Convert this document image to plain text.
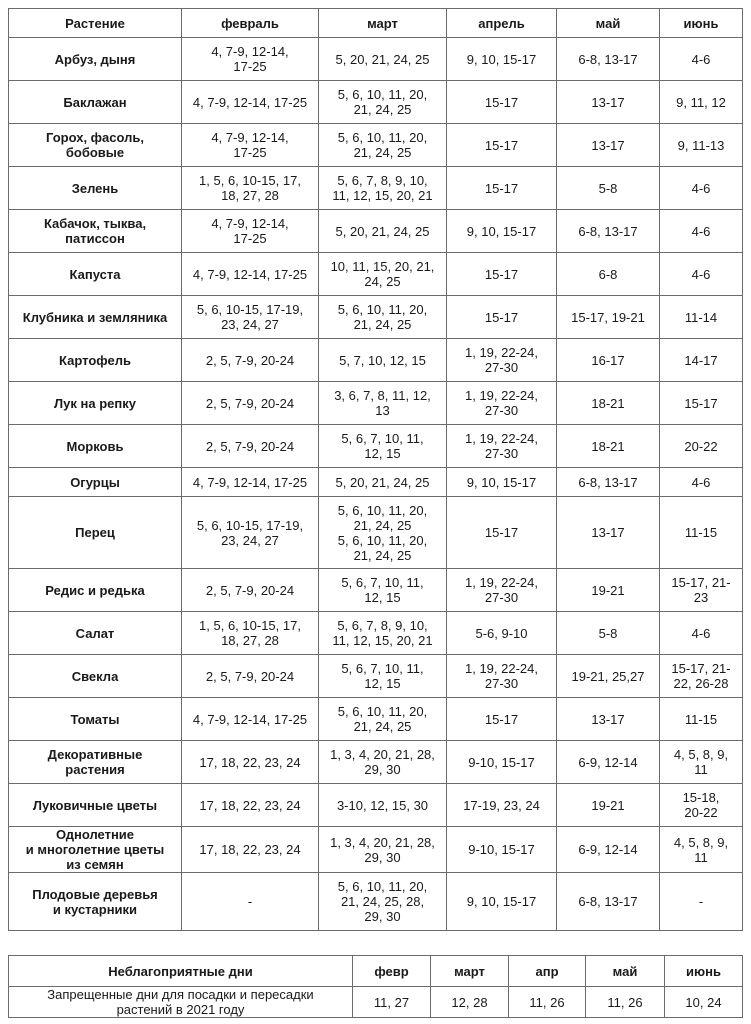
Растение	февраль	март	апрель	май	июнь
Арбуз, дыня	4, 7-9, 12-14,
17-25	5, 20, 21, 24, 25	9, 10, 15-17	6-8, 13-17	4-6
Баклажан	4, 7-9, 12-14, 17-25	5, 6, 10, 11, 20,
21, 24, 25	15-17	13-17	9, 11, 12
Горох, фасоль,
бобовые	4, 7-9, 12-14,
17-25	5, 6, 10, 11, 20,
21, 24, 25	15-17	13-17	9, 11-13
Зелень	1, 5, 6, 10-15, 17,
18, 27, 28	5, 6, 7, 8, 9, 10,
11, 12, 15, 20, 21	15-17	5-8	4-6
Кабачок, тыква,
патиссон	4, 7-9, 12-14,
17-25	5, 20, 21, 24, 25	9, 10, 15-17	6-8, 13-17	4-6
Капуста	4, 7-9, 12-14, 17-25	10, 11, 15, 20, 21,
24, 25	15-17	6-8	4-6
Клубника и земляника	5, 6, 10-15, 17-19,
23, 24, 27	5, 6, 10, 11, 20,
21, 24, 25	15-17	15-17, 19-21	11-14
Картофель	2, 5, 7-9, 20-24	5, 7, 10, 12, 15	1, 19, 22-24,
27-30	16-17	14-17
Лук на репку	2, 5, 7-9, 20-24	3, 6, 7, 8, 11, 12,
13	1, 19, 22-24,
27-30	18-21	15-17
Морковь	2, 5, 7-9, 20-24	5, 6, 7, 10, 11,
12, 15	1, 19, 22-24,
27-30	18-21	20-22
Огурцы	4, 7-9, 12-14, 17-25	5, 20, 21, 24, 25	9, 10, 15-17	6-8, 13-17	4-6
Перец	5, 6, 10-15, 17-19,
23, 24, 27	5, 6, 10, 11, 20,
21, 24, 25
5, 6, 10, 11, 20,
21, 24, 25	15-17	13-17	11-15
Редис и редька	2, 5, 7-9, 20-24	5, 6, 7, 10, 11,
12, 15	1, 19, 22-24,
27-30	19-21	15-17, 21-
23
Салат	1, 5, 6, 10-15, 17,
18, 27, 28	5, 6, 7, 8, 9, 10,
11, 12, 15, 20, 21	5-6, 9-10	5-8	4-6
Свекла	2, 5, 7-9, 20-24	5, 6, 7, 10, 11,
12, 15	1, 19, 22-24,
27-30	19-21, 25,27	15-17, 21-
22, 26-28
Томаты	4, 7-9, 12-14, 17-25	5, 6, 10, 11, 20,
21, 24, 25	15-17	13-17	11-15
Декоративные
растения	17, 18, 22, 23, 24	1, 3, 4, 20, 21, 28,
29, 30	9-10, 15-17	6-9, 12-14	4, 5, 8, 9,
11
Луковичные цветы	17, 18, 22, 23, 24	3-10, 12, 15, 30	17-19, 23, 24	19-21	15-18,
20-22
Однолетние
и многолетние цветы
из семян	17, 18, 22, 23, 24	1, 3, 4, 20, 21, 28,
29, 30	9-10, 15-17	6-9, 12-14	4, 5, 8, 9,
11
Плодовые деревья
и кустарники	-	5, 6, 10, 11, 20,
21, 24, 25, 28,
29, 30	9, 10, 15-17	6-8, 13-17	-
Неблагоприятные дни	февр	март	апр	май	июнь
Запрещенные дни для посадки и пересадки
растений в 2021 году	11, 27	12, 28	11, 26	11, 26	10, 24
